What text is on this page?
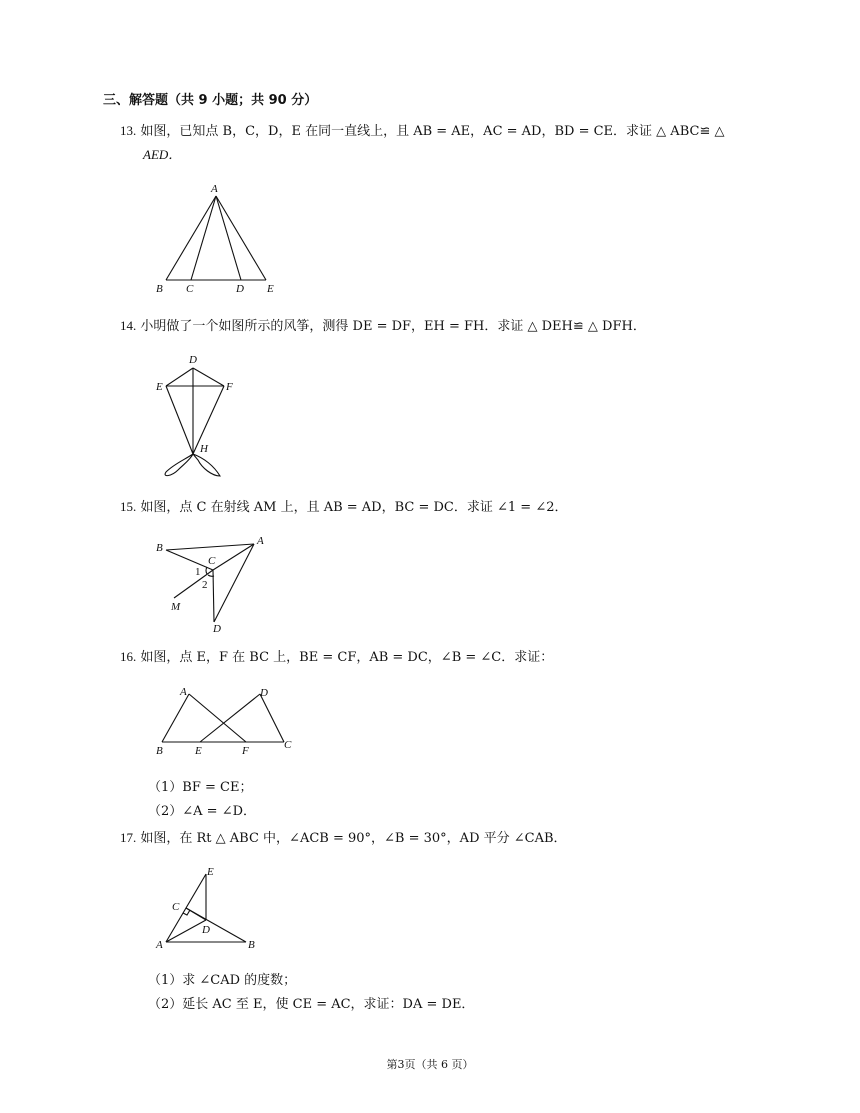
三、解答题（共 9 小题；共 90 分）
13. 如图，已知点 B，C，D，E 在同一直线上，且 AB = AE，AC = AD，BD = CE．求证 △ ABC≌ △
AED．
A
B C	D E
14. 小明做了一个如图所示的风筝，测得 DE = DF，EH = FH．求证 △ DEH≌ △ DFH．
D
E	F
H
15. 如图，点 C 在射线 AM 上，且 AB = AD，BC = DC．求证 ∠1 = ∠2．
B
A
C
1
2
M
D
16. 如图，点 E，F 在 BC 上，BE = CF，AB = DC，∠B = ∠C．求证：
A	D
B	E	F	C
（1）BF = CE；
（2）∠A = ∠D．
17. 如图，在 Rt △ ABC 中，∠ACB = 90°，∠B = 30°，AD 平分 ∠CAB．
E
C
D
A	B
（1）求 ∠CAD 的度数；
（2）延长 AC 至 E，使 CE = AC，求证：DA = DE．
第3页（共 6 页）
